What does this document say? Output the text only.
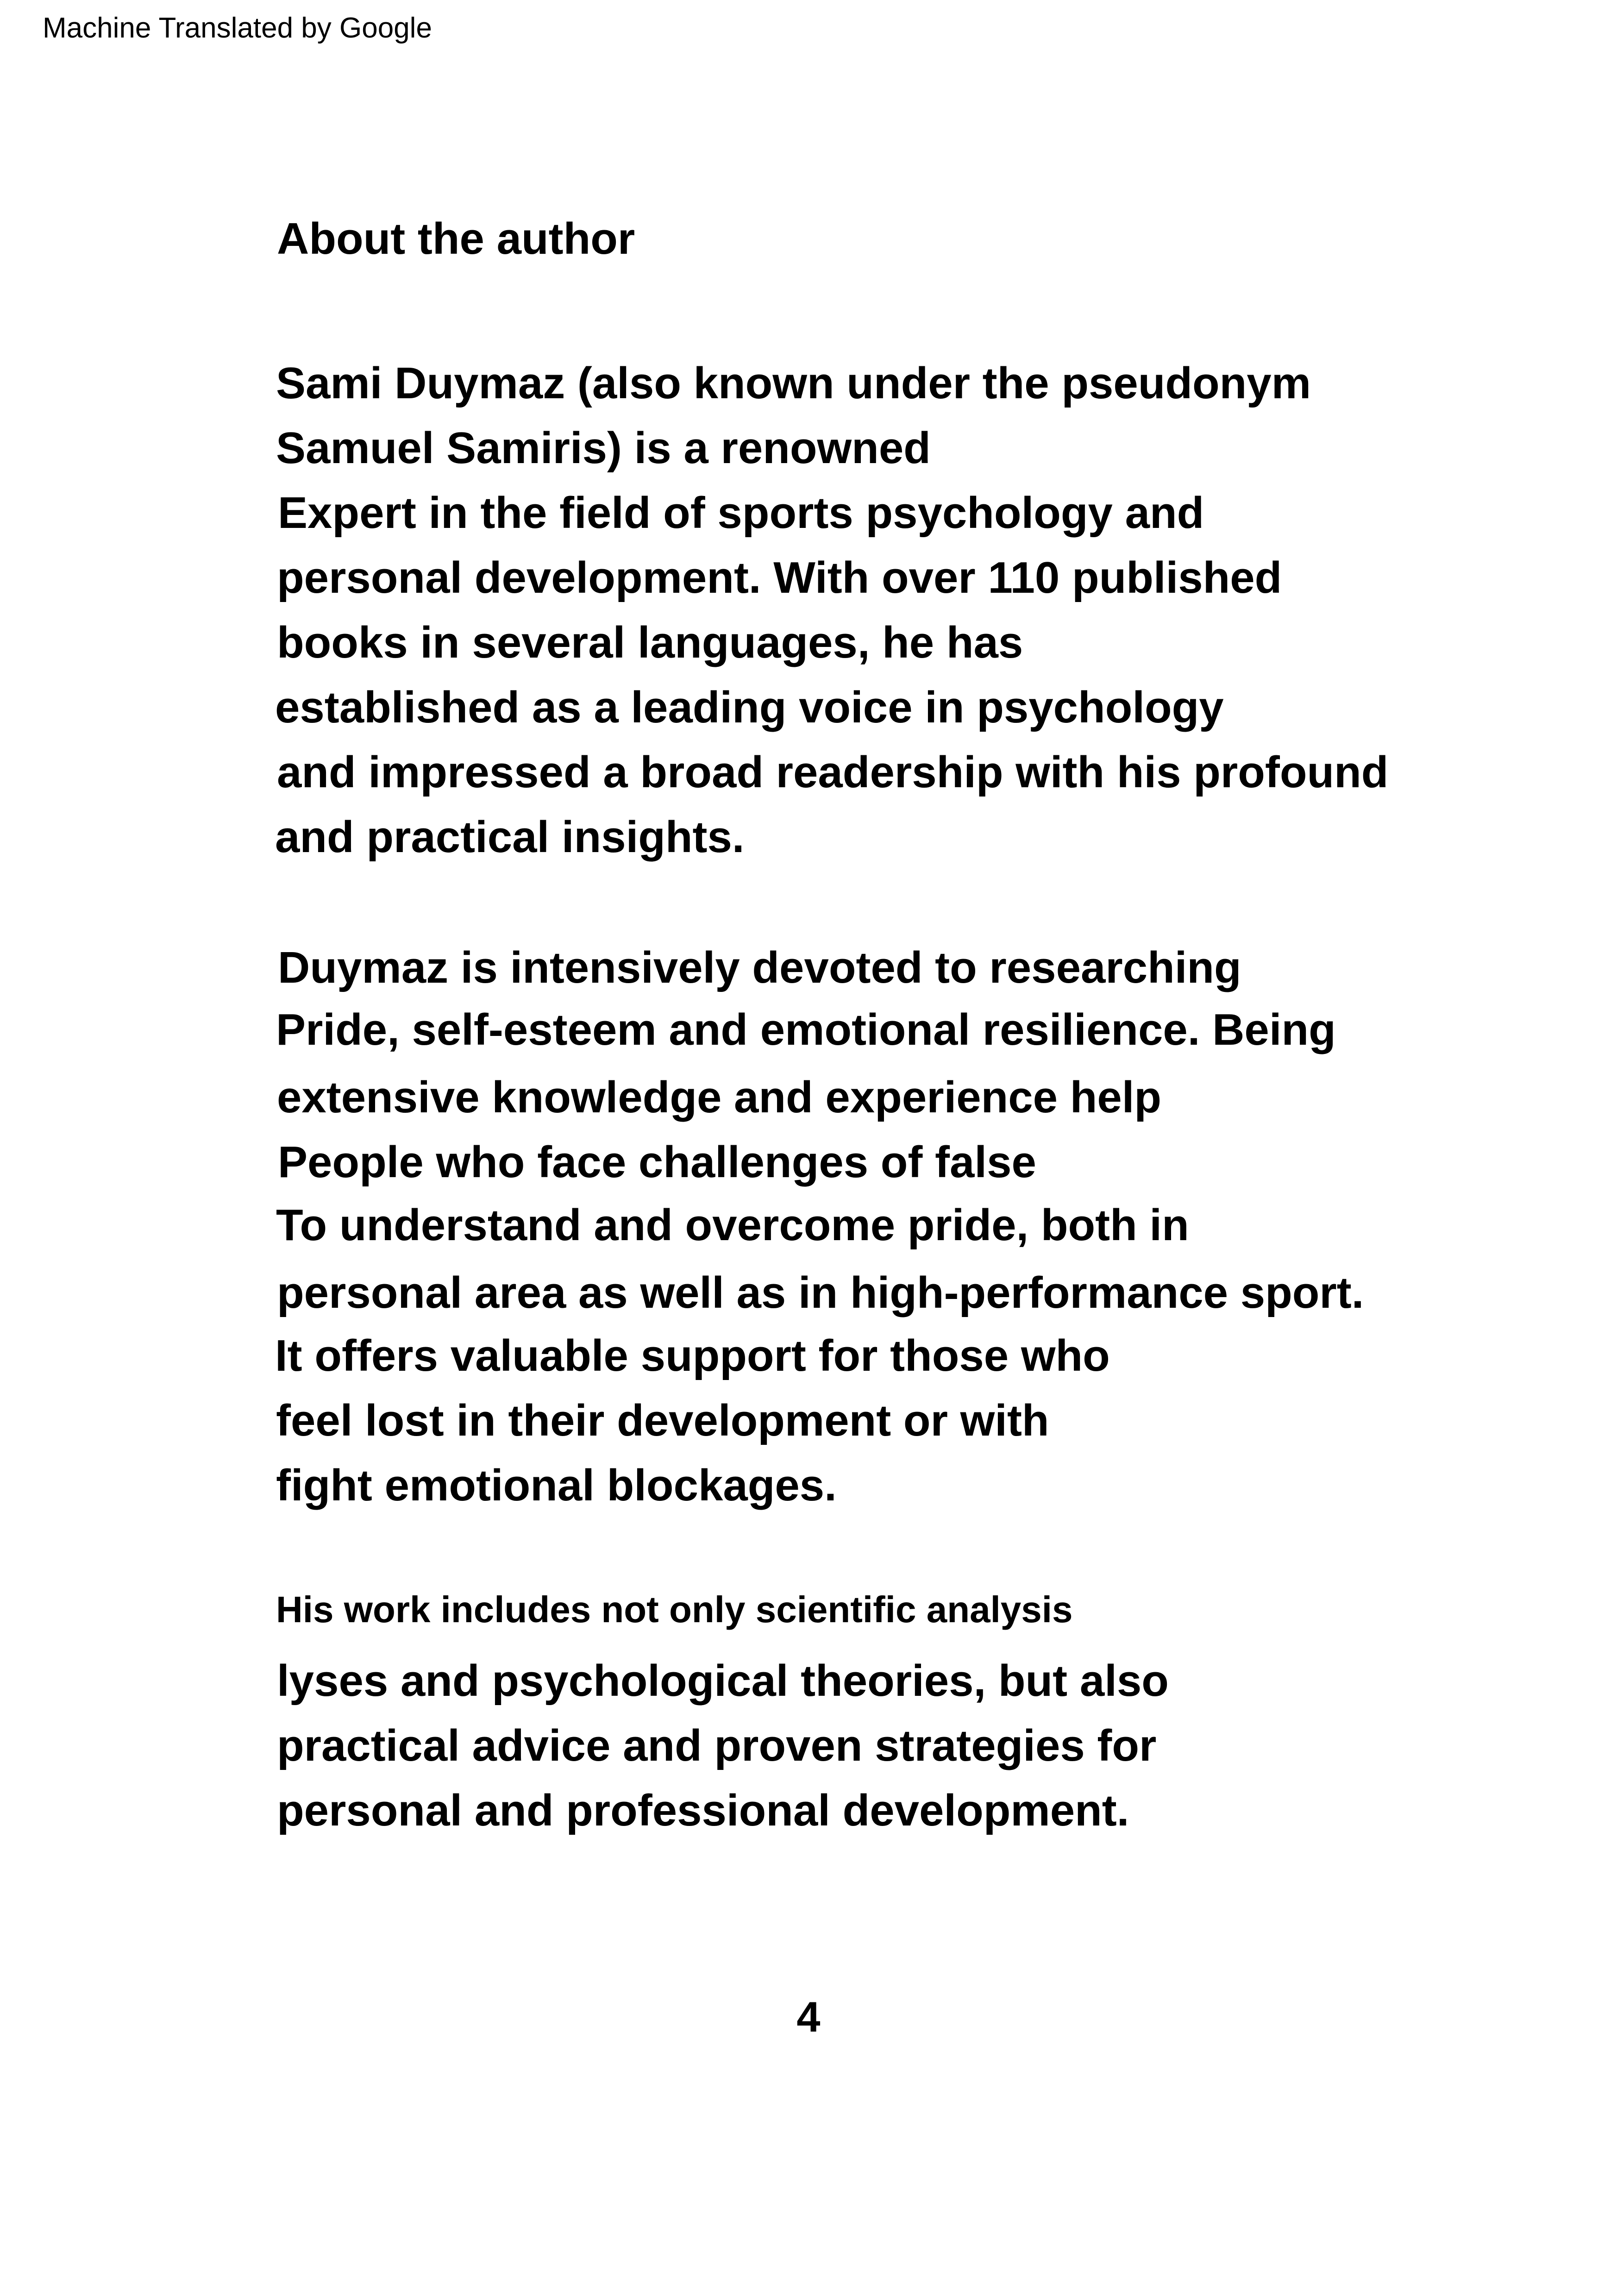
Machine Translated by Google
About the author
Sami Duymaz (also known under the pseudonym
Samuel Samiris) is a renowned
Expert in the field of sports psychology and
personal development. With over 110 published
books in several languages, he has
established as a leading voice in psychology
and impressed a broad readership with his profound
and practical insights.
Duymaz is intensively devoted to researching
Pride, self-esteem and emotional resilience. Being
extensive knowledge and experience help
People who face challenges of false
To understand and overcome pride, both in
personal area as well as in high-performance sport.
It offers valuable support for those who
feel lost in their development or with
fight emotional blockages.
His work includes not only scientific analysis
lyses and psychological theories, but also
practical advice and proven strategies for
personal and professional development.
4
